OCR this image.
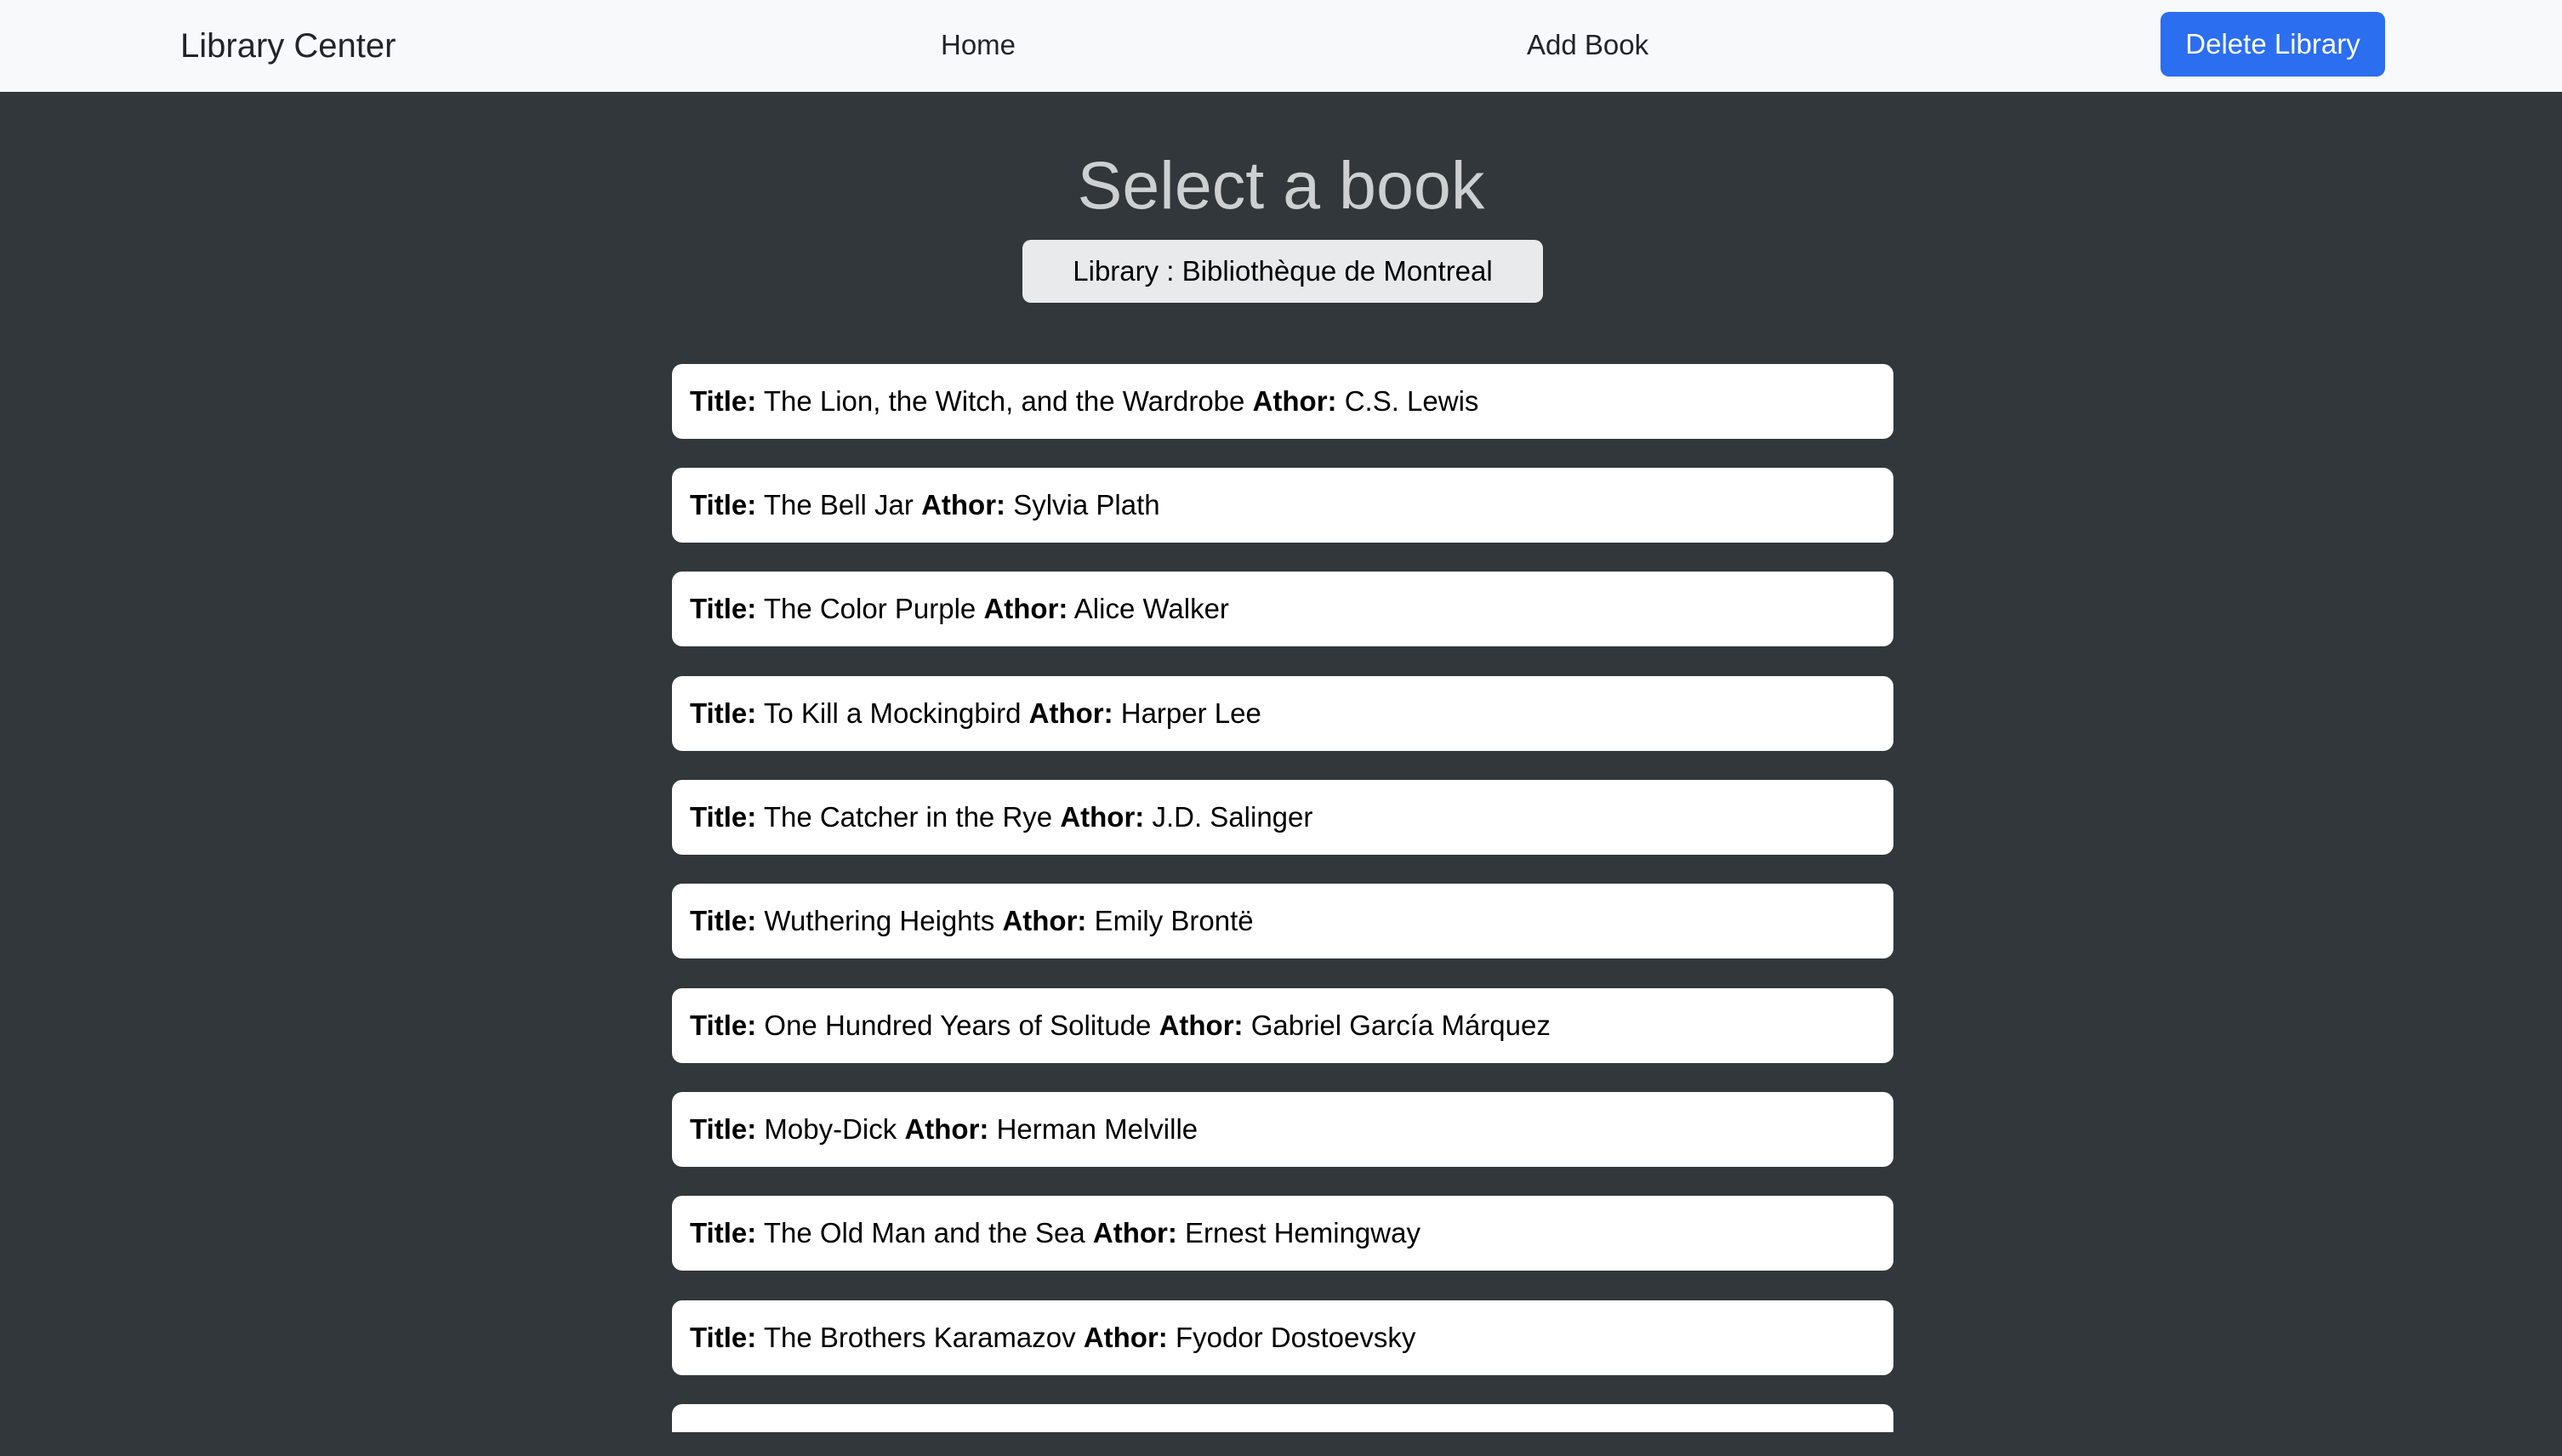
Library Center	Home	Add Book	Delete Library
Select a book
Library : Bibliothèque de Montreal
Title: The Lion, the Witch, and the Wardrobe Athor: C.S. Lewis
Title: The Bell Jar Athor: Sylvia Plath
Title: The Color Purple Athor: Alice Walker
Title: To Kill a Mockingbird Athor: Harper Lee
Title: The Catcher in the Rye Athor: J.D. Salinger
Title: Wuthering Heights Athor: Emily Brontë
Title: One Hundred Years of Solitude Athor: Gabriel García Márquez
Title: Moby-Dick Athor: Herman Melville
Title: The Old Man and the Sea Athor: Ernest Hemingway
Title: The Brothers Karamazov Athor: Fyodor Dostoevsky
